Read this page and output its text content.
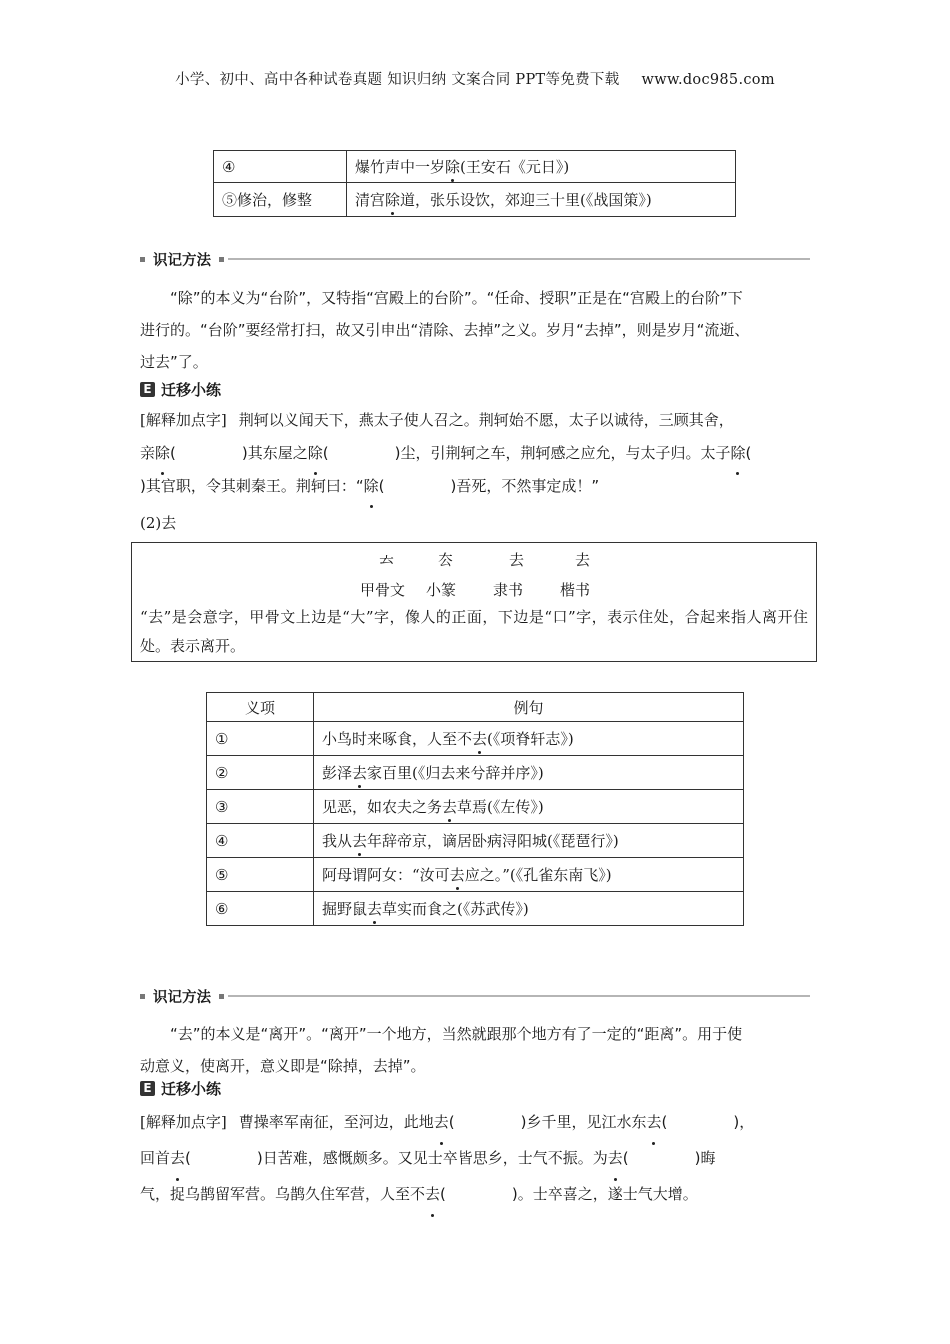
小学、初中、高中各种试卷真题 知识归纳 文案合同 PPT等免费下载 www.doc985.com
④	爆竹声中一岁除(王安石《元日》)
⑤修治，修整	清宫除道，张乐设饮，郊迎三十里(《战国策》)
识记方法
“除”的本义为“台阶”，又特指“宫殿上的台阶”。“任命、授职”正是在“宫殿上的台阶”下
进行的。“台阶”要经常打扫，故又引申出“清除、去掉”之义。岁月“去掉”，则是岁月“流逝、
过去”了。
E 迁移小练
[解释加点字] 荆轲以义闻天下，燕太子使人召之。荆轲始不愿，太子以诚待，三顾其舍，
亲除(	)其东屋之除(	)尘，引荆轲之车，荆轲感之应允，与太子归。太子除(
)其官职，令其刺秦王。荆轲曰：“除(	)吾死，不然事定成！”
(2)去
𠫓	厺	去	去
甲骨文 小篆 隶书 楷书
“去”是会意字，甲骨文上边是“大”字，像人的正面，下边是“口”字，表示住处，合起来指人离开住处。表示离开。
义项	例句
①	小鸟时来啄食，人至不去(《项脊轩志》)
②	彭泽去家百里(《归去来兮辞并序》)
③	见恶，如农夫之务去草焉(《左传》)
④	我从去年辞帝京，谪居卧病浔阳城(《琵琶行》)
⑤	阿母谓阿女：“汝可去应之。”(《孔雀东南飞》)
⑥	掘野鼠去草实而食之(《苏武传》)
识记方法
“去”的本义是“离开”。“离开”一个地方，当然就跟那个地方有了一定的“距离”。用于使
动意义，使离开，意义即是“除掉，去掉”。
E 迁移小练
[解释加点字] 曹操率军南征，至河边，此地去(	)乡千里，见江水东去(	)，
回首去(	)日苦难，感慨颇多。又见士卒皆思乡，士气不振。为去(	)晦
气，捉乌鹊留军营。乌鹊久住军营，人至不去(	)。士卒喜之，遂士气大增。
